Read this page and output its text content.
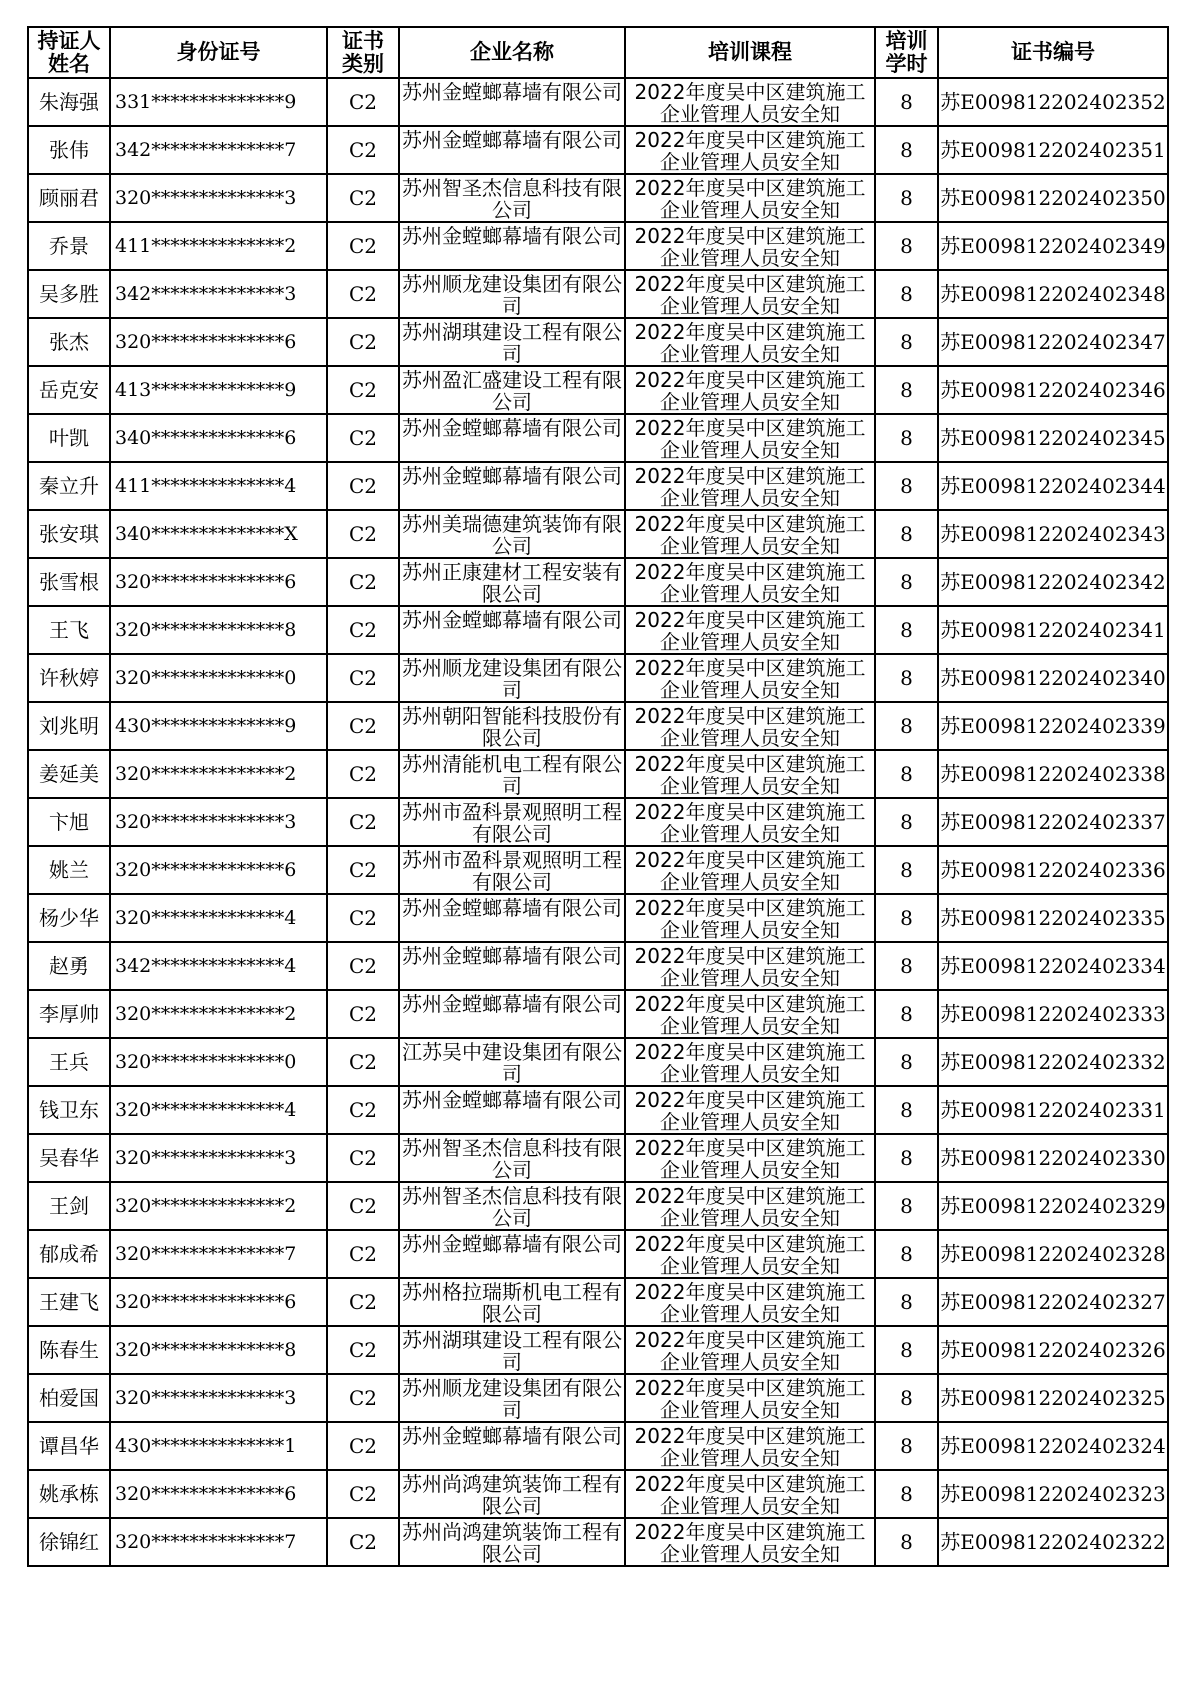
持证人姓名	身份证号	证书类别	企业名称	培训课程	培训学时	证书编号
朱海强	331**************9	C2	苏州金螳螂幕墙有限公司	2022年度吴中区建筑施工企业管理人员安全知	8	苏E009812202402352
张伟	342**************7	C2	苏州金螳螂幕墙有限公司	2022年度吴中区建筑施工企业管理人员安全知	8	苏E009812202402351
顾丽君	320**************3	C2	苏州智圣杰信息科技有限公司	2022年度吴中区建筑施工企业管理人员安全知	8	苏E009812202402350
乔景	411**************2	C2	苏州金螳螂幕墙有限公司	2022年度吴中区建筑施工企业管理人员安全知	8	苏E009812202402349
吴多胜	342**************3	C2	苏州顺龙建设集团有限公司	2022年度吴中区建筑施工企业管理人员安全知	8	苏E009812202402348
张杰	320**************6	C2	苏州湖琪建设工程有限公司	2022年度吴中区建筑施工企业管理人员安全知	8	苏E009812202402347
岳克安	413**************9	C2	苏州盈汇盛建设工程有限公司	2022年度吴中区建筑施工企业管理人员安全知	8	苏E009812202402346
叶凯	340**************6	C2	苏州金螳螂幕墙有限公司	2022年度吴中区建筑施工企业管理人员安全知	8	苏E009812202402345
秦立升	411**************4	C2	苏州金螳螂幕墙有限公司	2022年度吴中区建筑施工企业管理人员安全知	8	苏E009812202402344
张安琪	340**************X	C2	苏州美瑞德建筑装饰有限公司	2022年度吴中区建筑施工企业管理人员安全知	8	苏E009812202402343
张雪根	320**************6	C2	苏州正康建材工程安装有限公司	2022年度吴中区建筑施工企业管理人员安全知	8	苏E009812202402342
王飞	320**************8	C2	苏州金螳螂幕墙有限公司	2022年度吴中区建筑施工企业管理人员安全知	8	苏E009812202402341
许秋婷	320**************0	C2	苏州顺龙建设集团有限公司	2022年度吴中区建筑施工企业管理人员安全知	8	苏E009812202402340
刘兆明	430**************9	C2	苏州朝阳智能科技股份有限公司	2022年度吴中区建筑施工企业管理人员安全知	8	苏E009812202402339
姜延美	320**************2	C2	苏州清能机电工程有限公司	2022年度吴中区建筑施工企业管理人员安全知	8	苏E009812202402338
卞旭	320**************3	C2	苏州市盈科景观照明工程有限公司	2022年度吴中区建筑施工企业管理人员安全知	8	苏E009812202402337
姚兰	320**************6	C2	苏州市盈科景观照明工程有限公司	2022年度吴中区建筑施工企业管理人员安全知	8	苏E009812202402336
杨少华	320**************4	C2	苏州金螳螂幕墙有限公司	2022年度吴中区建筑施工企业管理人员安全知	8	苏E009812202402335
赵勇	342**************4	C2	苏州金螳螂幕墙有限公司	2022年度吴中区建筑施工企业管理人员安全知	8	苏E009812202402334
李厚帅	320**************2	C2	苏州金螳螂幕墙有限公司	2022年度吴中区建筑施工企业管理人员安全知	8	苏E009812202402333
王兵	320**************0	C2	江苏吴中建设集团有限公司	2022年度吴中区建筑施工企业管理人员安全知	8	苏E009812202402332
钱卫东	320**************4	C2	苏州金螳螂幕墙有限公司	2022年度吴中区建筑施工企业管理人员安全知	8	苏E009812202402331
吴春华	320**************3	C2	苏州智圣杰信息科技有限公司	2022年度吴中区建筑施工企业管理人员安全知	8	苏E009812202402330
王剑	320**************2	C2	苏州智圣杰信息科技有限公司	2022年度吴中区建筑施工企业管理人员安全知	8	苏E009812202402329
郁成希	320**************7	C2	苏州金螳螂幕墙有限公司	2022年度吴中区建筑施工企业管理人员安全知	8	苏E009812202402328
王建飞	320**************6	C2	苏州格拉瑞斯机电工程有限公司	2022年度吴中区建筑施工企业管理人员安全知	8	苏E009812202402327
陈春生	320**************8	C2	苏州湖琪建设工程有限公司	2022年度吴中区建筑施工企业管理人员安全知	8	苏E009812202402326
柏爱国	320**************3	C2	苏州顺龙建设集团有限公司	2022年度吴中区建筑施工企业管理人员安全知	8	苏E009812202402325
谭昌华	430**************1	C2	苏州金螳螂幕墙有限公司	2022年度吴中区建筑施工企业管理人员安全知	8	苏E009812202402324
姚承栋	320**************6	C2	苏州尚鸿建筑装饰工程有限公司	2022年度吴中区建筑施工企业管理人员安全知	8	苏E009812202402323
徐锦红	320**************7	C2	苏州尚鸿建筑装饰工程有限公司	2022年度吴中区建筑施工企业管理人员安全知	8	苏E009812202402322
